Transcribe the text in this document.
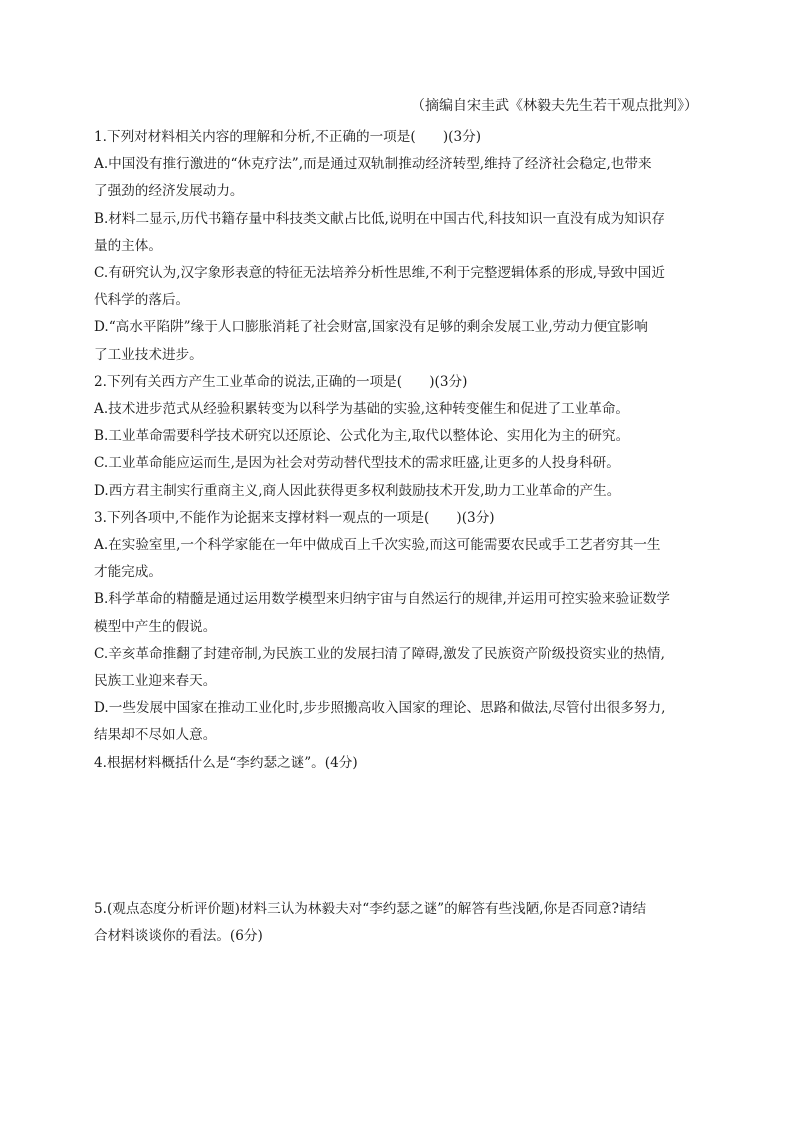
（摘编自宋圭武《林毅夫先生若干观点批判》）
1.下列对材料相关内容的理解和分析,不正确的一项是(　　)(3分)
A.中国没有推行激进的“休克疗法”,而是通过双轨制推动经济转型,维持了经济社会稳定,也带来
了强劲的经济发展动力。
B.材料二显示,历代书籍存量中科技类文献占比低,说明在中国古代,科技知识一直没有成为知识存
量的主体。
C.有研究认为,汉字象形表意的特征无法培养分析性思维,不利于完整逻辑体系的形成,导致中国近
代科学的落后。
D.“高水平陷阱”缘于人口膨胀消耗了社会财富,国家没有足够的剩余发展工业,劳动力便宜影响
了工业技术进步。
2.下列有关西方产生工业革命的说法,正确的一项是(　　)(3分)
A.技术进步范式从经验积累转变为以科学为基础的实验,这种转变催生和促进了工业革命。
B.工业革命需要科学技术研究以还原论、公式化为主,取代以整体论、实用化为主的研究。
C.工业革命能应运而生,是因为社会对劳动替代型技术的需求旺盛,让更多的人投身科研。
D.西方君主制实行重商主义,商人因此获得更多权利鼓励技术开发,助力工业革命的产生。
3.下列各项中,不能作为论据来支撑材料一观点的一项是(　　)(3分)
A.在实验室里,一个科学家能在一年中做成百上千次实验,而这可能需要农民或手工艺者穷其一生
才能完成。
B.科学革命的精髓是通过运用数学模型来归纳宇宙与自然运行的规律,并运用可控实验来验证数学
模型中产生的假说。
C.辛亥革命推翻了封建帝制,为民族工业的发展扫清了障碍,激发了民族资产阶级投资实业的热情,
民族工业迎来春天。
D.一些发展中国家在推动工业化时,步步照搬高收入国家的理论、思路和做法,尽管付出很多努力,
结果却不尽如人意。
4.根据材料概括什么是“李约瑟之谜”。(4分)
5.(观点态度分析评价题)材料三认为林毅夫对“李约瑟之谜”的解答有些浅陋,你是否同意?请结
合材料谈谈你的看法。(6分)
